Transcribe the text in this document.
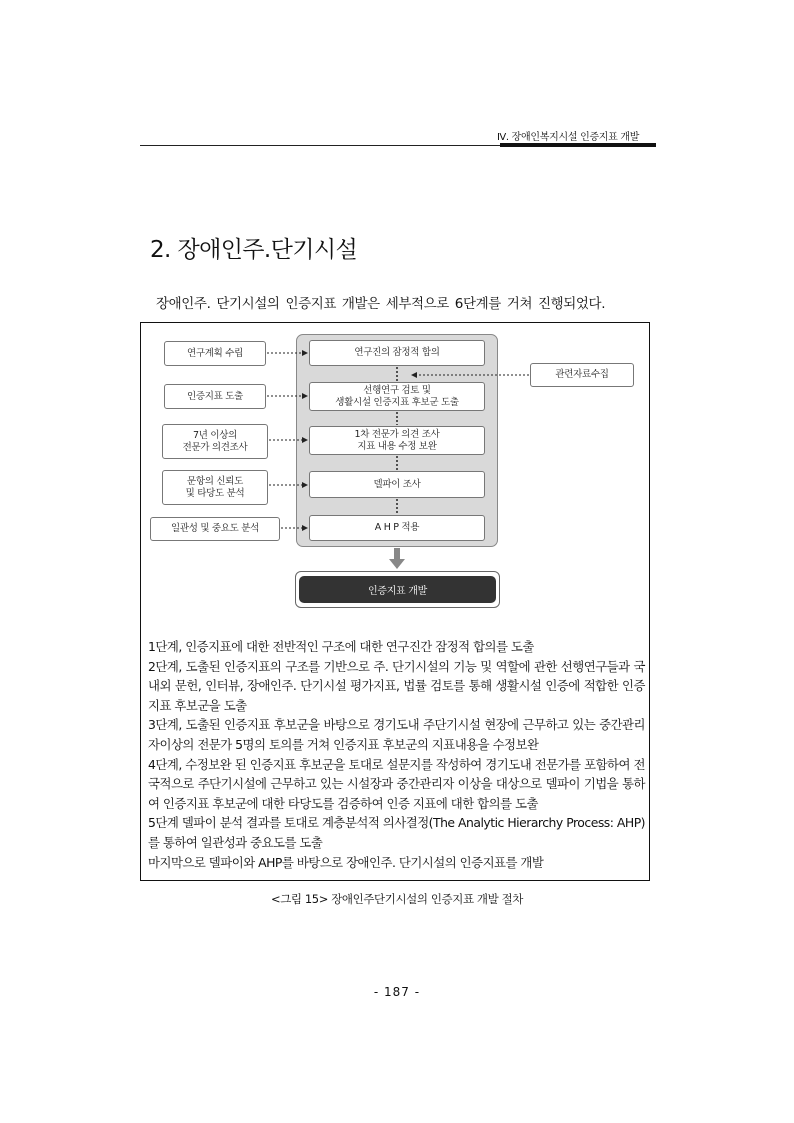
Ⅳ. 장애인복지시설 인증지표 개발
2. 장애인주.단기시설
장애인주. 단기시설의 인증지표 개발은 세부적으로 6단계를 거쳐 진행되었다.
연구계획 수립
인증지표 도출
7년 이상의
전문가 의견조사
문항의 신뢰도
및 타당도 분석
일관성 및 중요도 분석
연구진의 잠정적 합의
선행연구 검토 및
생활시설 인증지표 후보군 도출
1차 전문가 의견 조사
지표 내용 수정 보완
델파이 조사
A H P 적용
관련자료수집
인증지표 개발

1단계, 인증지표에 대한 전반적인 구조에 대한 연구진간 잠정적 합의를 도출

2단계, 도출된 인증지표의 구조를 기반으로 주. 단기시설의 기능 및 역할에 관한 선행연구들과 국내외 문헌, 인터뷰, 장애인주. 단기시설 평가지표, 법률 검토를 통해 생활시설 인증에 적합한 인증지표 후보군을 도출

3단계, 도출된 인증지표 후보군을 바탕으로 경기도내 주단기시설 현장에 근무하고 있는 중간관리자이상의 전문가 5명의 토의를 거쳐 인증지표 후보군의 지표내용을 수정보완

4단계, 수정보완 된 인증지표 후보군을 토대로 설문지를 작성하여 경기도내 전문가를 포함하여 전국적으로 주단기시설에 근무하고 있는 시설장과 중간관리자 이상을 대상으로 델파이 기법을 통하여 인증지표 후보군에 대한 타당도를 검증하여 인증 지표에 대한 합의를 도출

5단계 델파이 분석 결과를 토대로 계층분석적 의사결정(The Analytic Hierarchy Process: AHP)를 통하여 일관성과 중요도를 도출

마지막으로 델파이와 AHP를 바탕으로 장애인주. 단기시설의 인증지표를 개발

<그림 15> 장애인주단기시설의 인증지표 개발 절차
- 187 -
